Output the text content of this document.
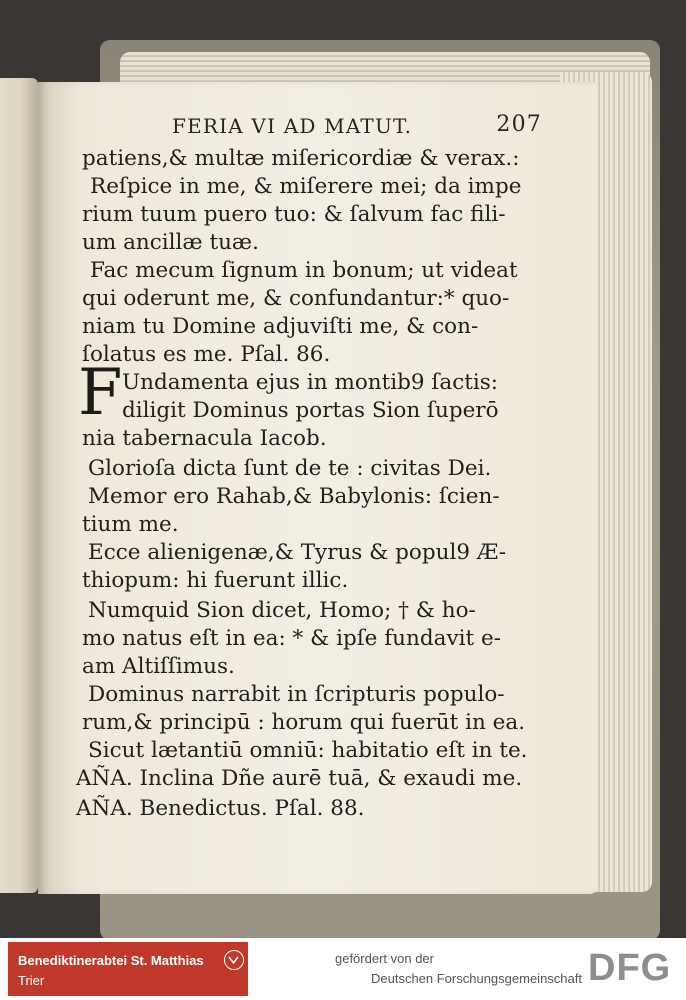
FERIA VI AD MATUT.	207
patiens,& multæ miſericordiæ & verax.:
Reſpice in me, & miſerere mei; da impe
rium tuum puero tuo: & ſalvum fac fili-
um ancillæ tuæ.
Fac mecum ſignum in bonum; ut videat
qui oderunt me, & confundantur:* quo-
niam tu Domine adjuviſti me, & con-
ſolatus es me. Pſal. 86.
F Undamenta ejus in montib9 ſactis:
diligit Dominus portas Sion ſuperō
nia tabernacula Iacob.
Glorioſa dicta ſunt de te : civitas Dei.
Memor ero Rahab,& Babylonis: ſcien-
tium me.
Ecce alienigenæ,& Tyrus & popul9 Æ-
thiopum: hi fuerunt illic.
Numquid Sion dicet, Homo; † & ho-
mo natus eſt in ea: * & ipſe fundavit e-
am Altiſſimus.
Dominus narrabit in ſcripturis populo-
rum,& principū : horum qui fuerūt in ea.
Sicut lætantiū omniū: habitatio eſt in te.
AÑA. Inclina Dñe aurē tuā, & exaudi me.
AÑA. Benedictus. Pſal. 88.
Benediktinerabtei St. Matthias
Trier
gefördert von der
Deutschen Forschungsgemeinschaft DFG
